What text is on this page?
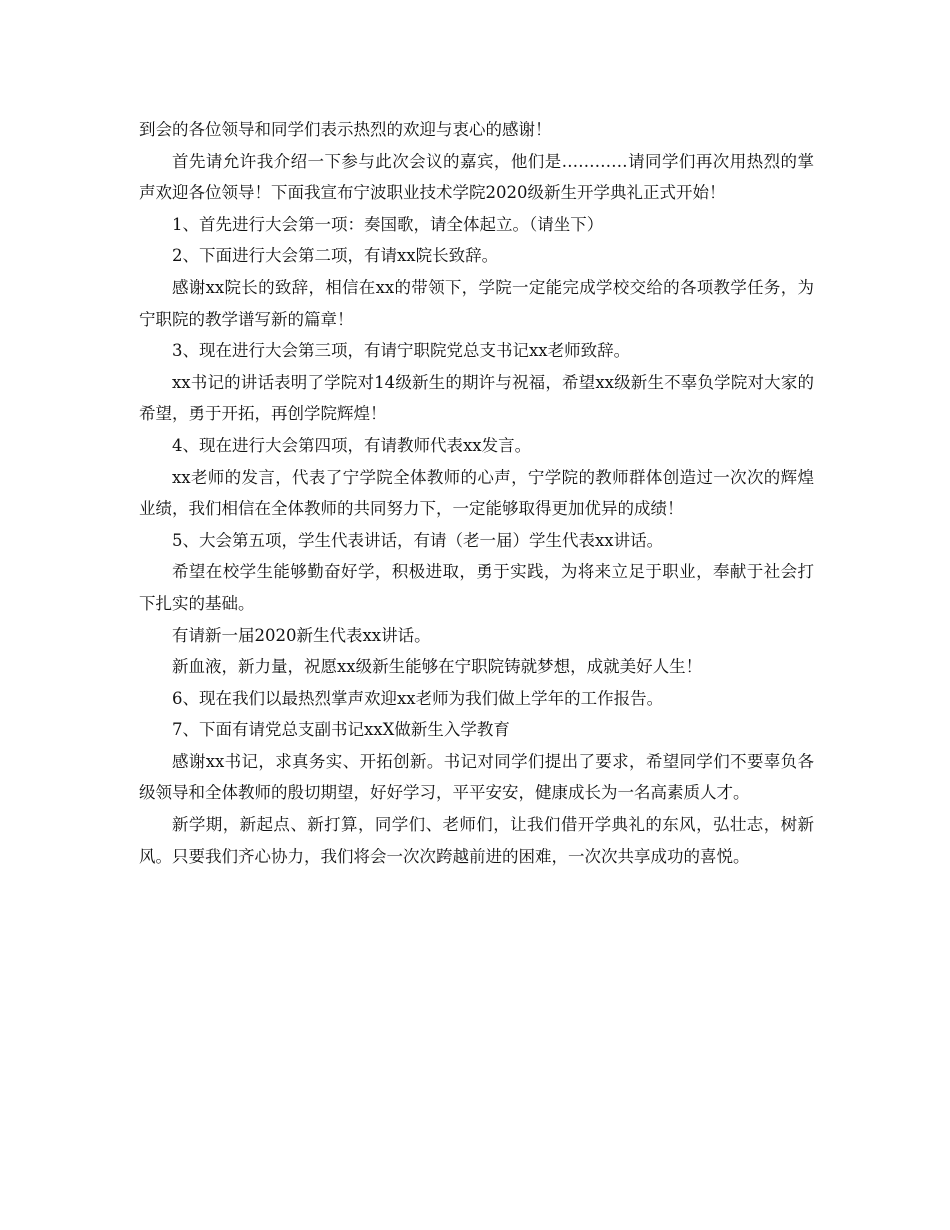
到会的各位领导和同学们表示热烈的欢迎与衷心的感谢！

首先请允许我介绍一下参与此次会议的嘉宾，他们是…………请同学们再次用热烈的掌声欢迎各位领导！下面我宣布宁波职业技术学院2020级新生开学典礼正式开始！

1、首先进行大会第一项：奏国歌，请全体起立。（请坐下）

2、下面进行大会第二项，有请xx院长致辞。

感谢xx院长的致辞，相信在xx的带领下，学院一定能完成学校交给的各项教学任务，为宁职院的教学谱写新的篇章！

3、现在进行大会第三项，有请宁职院党总支书记xx老师致辞。

xx书记的讲话表明了学院对14级新生的期许与祝福，希望xx级新生不辜负学院对大家的希望，勇于开拓，再创学院辉煌！

4、现在进行大会第四项，有请教师代表xx发言。

xx老师的发言，代表了宁学院全体教师的心声，宁学院的教师群体创造过一次次的辉煌业绩，我们相信在全体教师的共同努力下，一定能够取得更加优异的成绩！

5、大会第五项，学生代表讲话，有请（老一届）学生代表xx讲话。

希望在校学生能够勤奋好学，积极进取，勇于实践，为将来立足于职业，奉献于社会打下扎实的基础。

有请新一届2020新生代表xx讲话。

新血液，新力量，祝愿xx级新生能够在宁职院铸就梦想，成就美好人生！

6、现在我们以最热烈掌声欢迎xx老师为我们做上学年的工作报告。

7、下面有请党总支副书记xxX做新生入学教育

感谢xx书记，求真务实、开拓创新。书记对同学们提出了要求，希望同学们不要辜负各级领导和全体教师的殷切期望，好好学习，平平安安，健康成长为一名高素质人才。

新学期，新起点、新打算，同学们、老师们，让我们借开学典礼的东风，弘壮志，树新风。只要我们齐心协力，我们将会一次次跨越前进的困难，一次次共享成功的喜悦。
